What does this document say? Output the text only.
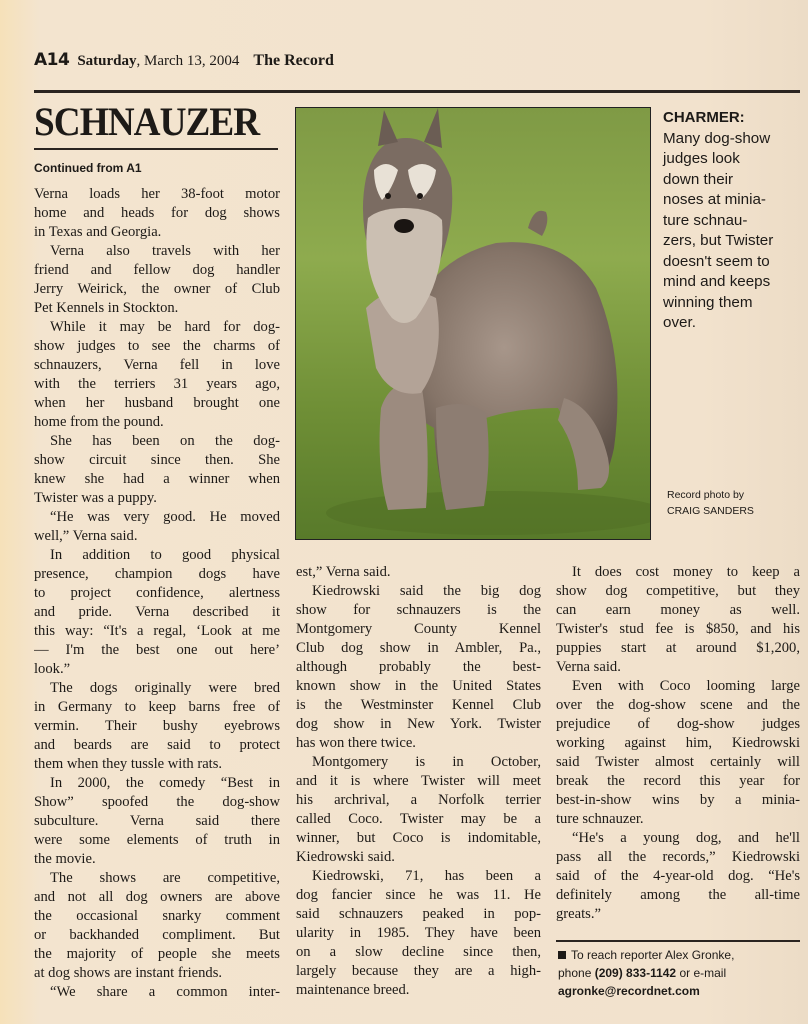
A14 Saturday, March 13, 2004 The Record
SCHNAUZER
Continued from A1
Verna loads her 38-foot motor
home and heads for dog shows
in Texas and Georgia.
Verna also travels with her
friend and fellow dog handler
Jerry Weirick, the owner of Club
Pet Kennels in Stockton.
While it may be hard for dog-
show judges to see the charms of
schnauzers, Verna fell in love
with the terriers 31 years ago,
when her husband brought one
home from the pound.
She has been on the dog-
show circuit since then. She
knew she had a winner when
Twister was a puppy.
“He was very good. He moved
well,” Verna said.
In addition to good physical
presence, champion dogs have
to project confidence, alertness
and pride. Verna described it
this way: “It's a regal, ‘Look at me
— I'm the best one out here’
look.”
The dogs originally were bred
in Germany to keep barns free of
vermin. Their bushy eyebrows
and beards are said to protect
them when they tussle with rats.
In 2000, the comedy “Best in
Show” spoofed the dog-show
subculture. Verna said there
were some elements of truth in
the movie.
The shows are competitive,
and not all dog owners are above
the occasional snarky comment
or backhanded compliment. But
the majority of people she meets
at dog shows are instant friends.
“We share a common inter-
est,” Verna said.
Kiedrowski said the big dog
show for schnauzers is the
Montgomery County Kennel
Club dog show in Ambler, Pa.,
although probably the best-
known show in the United States
is the Westminster Kennel Club
dog show in New York. Twister
has won there twice.
Montgomery is in October,
and it is where Twister will meet
his archrival, a Norfolk terrier
called Coco. Twister may be a
winner, but Coco is indomitable,
Kiedrowski said.
Kiedrowski, 71, has been a
dog fancier since he was 11. He
said schnauzers peaked in pop-
ularity in 1985. They have been
on a slow decline since then,
largely because they are a high-
maintenance breed.
It does cost money to keep a
show dog competitive, but they
can earn money as well.
Twister's stud fee is $850, and his
puppies start at around $1,200,
Verna said.
Even with Coco looming large
over the dog-show scene and the
prejudice of dog-show judges
working against him, Kiedrowski
said Twister almost certainly will
break the record this year for
best-in-show wins by a minia-
ture schnauzer.
“He's a young dog, and he'll
pass all the records,” Kiedrowski
said of the 4-year-old dog. “He's
definitely among the all-time
greats.”
CHARMER:
Many dog-show
judges look
down their
noses at minia-
ture schnau-
zers, but Twister
doesn't seem to
mind and keeps
winning them
over.
Record photo by
CRAIG SANDERS
To reach reporter Alex Gronke,
phone (209) 833-1142 or e-mail
agronke@recordnet.com
